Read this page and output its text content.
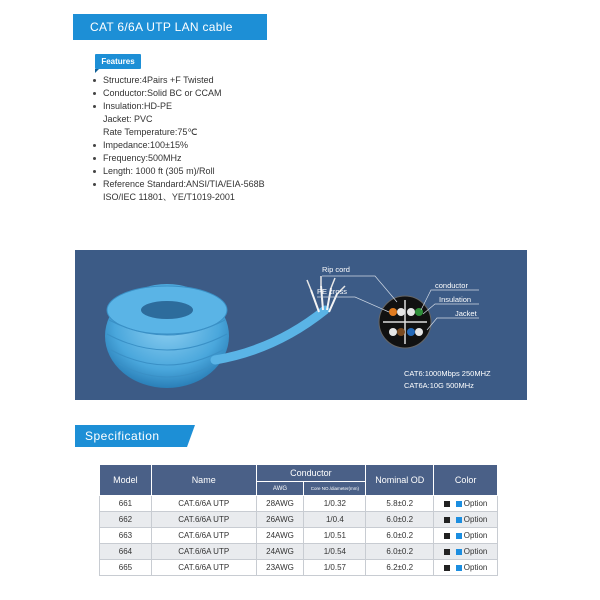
CAT 6/6A UTP LAN cable
Features
Structure:4Pairs +F Twisted
Conductor:Solid BC or CCAM
Insulation:HD-PE
Jacket: PVC
Rate Temperature:75℃
Impedance:100±15%
Frequency:500MHz
Length: 1000 ft (305 m)/Roll
Reference Standard:ANSI/TIA/EIA-568B
ISO/IEC 11801、YE/T1019-2001
Rip cord
PE cross
conductor
Insulation
Jacket
CAT6:1000Mbps 250MHZ
CAT6A:10G 500MHz
Specification
Model	Name	Conductor		Nominal OD	Color
		AWG	Core NO./diameter(mm)		
661	CAT.6/6A UTP	28AWG	1/0.32	5.8±0.2	Option
662	CAT.6/6A UTP	26AWG	1/0.4	6.0±0.2	Option
663	CAT.6/6A UTP	24AWG	1/0.51	6.0±0.2	Option
664	CAT.6/6A UTP	24AWG	1/0.54	6.0±0.2	Option
665	CAT.6/6A UTP	23AWG	1/0.57	6.2±0.2	Option
